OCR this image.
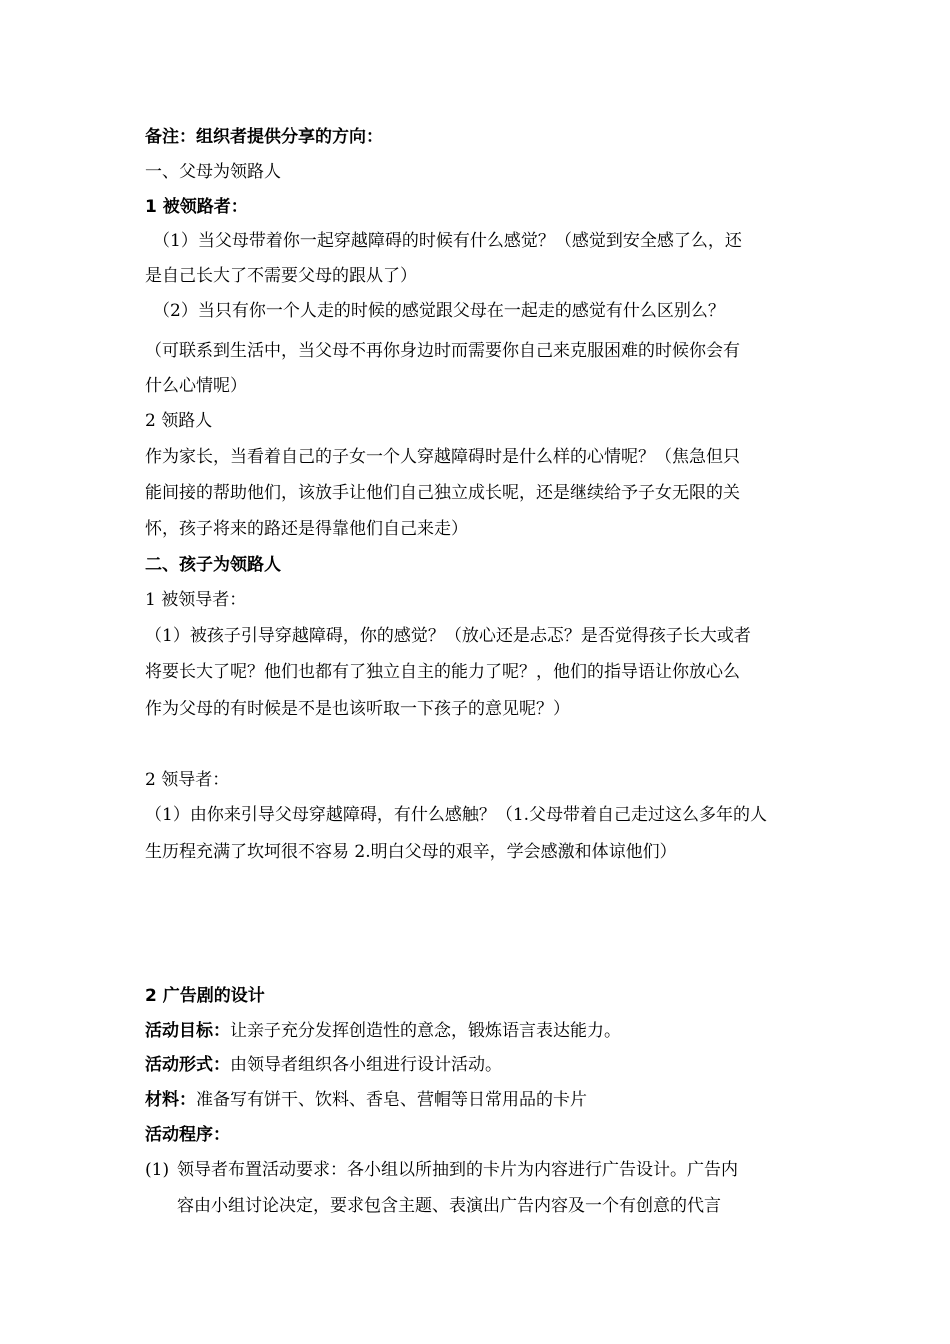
备注：组织者提供分享的方向：
一、父母为领路人
1 被领路者：
（1）当父母带着你一起穿越障碍的时候有什么感觉？（感觉到安全感了么，还
是自己长大了不需要父母的跟从了）
（2）当只有你一个人走的时候的感觉跟父母在一起走的感觉有什么区别么？
（可联系到生活中，当父母不再你身边时而需要你自己来克服困难的时候你会有
什么心情呢）
2 领路人
作为家长，当看着自己的子女一个人穿越障碍时是什么样的心情呢？（焦急但只
能间接的帮助他们，该放手让他们自己独立成长呢，还是继续给予子女无限的关
怀，孩子将来的路还是得靠他们自己来走）
二、孩子为领路人
1 被领导者：
（1）被孩子引导穿越障碍，你的感觉？（放心还是忐忑？是否觉得孩子长大或者
将要长大了呢？他们也都有了独立自主的能力了呢？，他们的指导语让你放心么
作为父母的有时候是不是也该听取一下孩子的意见呢？）
2 领导者：
（1）由你来引导父母穿越障碍，有什么感触？（1.父母带着自己走过这么多年的人
生历程充满了坎坷很不容易 2.明白父母的艰辛，学会感激和体谅他们）
2 广告剧的设计
活动目标：让亲子充分发挥创造性的意念，锻炼语言表达能力。
活动形式：由领导者组织各小组进行设计活动。
材料：准备写有饼干、饮料、香皂、营帽等日常用品的卡片
活动程序：
(1) 领导者布置活动要求：各小组以所抽到的卡片为内容进行广告设计。广告内
容由小组讨论决定，要求包含主题、表演出广告内容及一个有创意的代言
